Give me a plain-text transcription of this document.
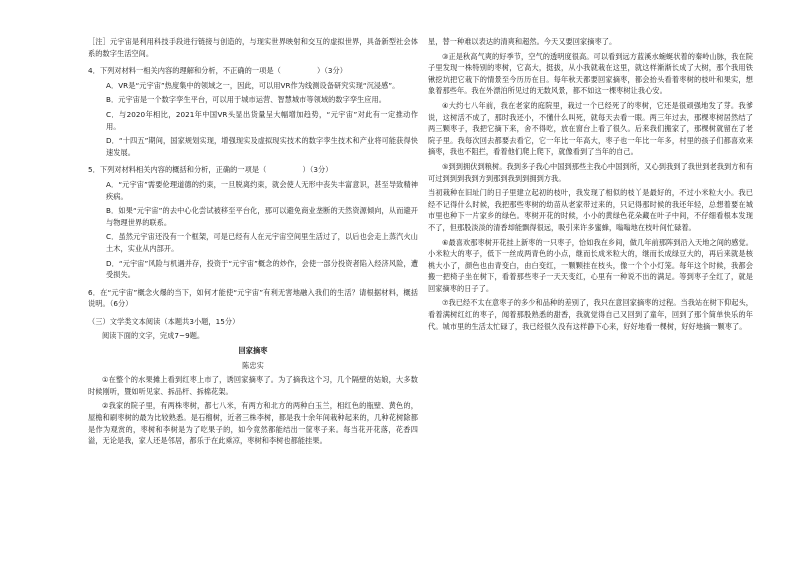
［注］元宇宙是利用科技手段进行链接与创造的，与现实世界映射和交互的虚拟世界，具备新型社会体系的数字生活空间。

4．下列对材料一相关内容的理解和分析，不正确的一项是（　　　　　）（3分）

A．VR是“元宇宙”热度集中的领域之一，因此，可以用VR作为线测设备研究实现“沉浸感”。

B．元宇宙是一个数字孪生平台，可以用于城市运营、智慧城市等领域的数字孪生应用。

C．与2020年相比，2021年中国VR头显出货量呈大幅增加趋势，“元宇宙”对此有一定推动作用。

D．“十四五”期间，国家规划实现，增强现实及虚拟现实技术的数字孪生技术和产业将可能获得快速发展。

5．下列对材料相关内容的概括和分析，正确的一项是（　　　　　）（3分）

A．“元宇宙”需要伦理道德的约束，一旦脱离约束，就会使人无形中丧失丰富意识，甚至导致精神疾病。

B．如果“元宇宙”的去中心化尝试被移至平台化，那可以避免商业垄断的天然资源倾向，从而避开与物理世界的联系。

C．虽然元宇宙还没有一个框架，可是已经有人在元宇宙空间里生活过了，以后也会走上蒸汽火山土木，实业从内部开。

D．“元宇宙”风险与机遇并存，投资于“元宇宙”概念的炒作，会使一部分投资者陷入经济风险，遭受损失。

6．在“元宇宙”概念火爆的当下，如何才能使“元宇宙”有利无害地融入我们的生活？请根据材料，概括说明。（6分）

（三）文学类文本阅读（本题共3小题，15分）

阅读下面的文字，完成7~9题。

回家摘枣

陈忠实

①在整个的水果摊上看到红枣上市了，诱回家摘枣了。为了摘我这个习，几个隔壁的姑娘，大多数时候刚听，暨如听见家、拆品杆、拆棉花架。

②我家的院子里，有两株枣树，都七八米，有两方和北方的两种白玉兰，相红色的瓶壁、黄色的，屋檐和刷枣树的最为比较熟悉。是石榴树，近者三株李树，都是我十余年间栽种起来的，几种花树除都是作为观赏的，枣树和李树是为了吃果子的，如今竟然都能结出一筐枣子来。每当花开花落，花香四溢，无论是我，家人还是邻居，都乐于在此乘凉，枣树和李树也都能挂果。

星，替一种难以表达的清爽和超然。今天又要回家摘枣了。

③正是秋高气爽的好季节，空气的透明度很高。可以看到远方蓝溪水蜿蜒状着的秦岭山脉，我在院子里发现一株特别的枣树，它高大，挺拔，从小我就栽在这里，就这样渐渐长成了大树，那个我用铁锹挖坑把它栽下的情景至今历历在目。每年秋天都要回家摘枣，都会抬头看着枣树的枝叶和果实，想象着那些年。我在外漂泊所见过的无数风景，都不如这一棵枣树让我心安。

④大约七八年前，我在老家的庭院里，栽过一个已经死了的枣树，它还是很顽强地发了芽。我爹说，这树活不成了，那时我还小，不懂什么叫死，就每天去看一眼。两三年过去，那棵枣树居然结了两三颗枣子，我把它摘下来，舍不得吃，放在窗台上看了很久。后来我们搬家了，那棵树就留在了老院子里。我每次回去都要去看它，它一年比一年高大，枣子也一年比一年多，村里的孩子们都喜欢来摘枣，我也不阻拦，看着他们爬上爬下，就像看到了当年的自己。

⑤到到拥伏到粮树。我到多子我心中国到那些主我心中国到所，又心到我到了我世到老我到方和有可过到到到我到方到那到我到到拥到方我。

当初栽种在旧址门的日子里建立起初的枝叶，我发现了相似的枝丫是最好的，不过小米粒大小。我已经不记得什么时候，我把那些枣树的幼苗从老家带过来的，只记得那时候的我还年轻，总想着要在城市里也种下一片家乡的绿色。枣树开花的时候，小小的黄绿色花朵藏在叶子中间，不仔细看根本发现不了，但那股淡淡的清香却能飘得很远，吸引来许多蜜蜂，嗡嗡地在枝叶间忙碌着。

⑥最喜欢那枣树开花挂上新枣的一只枣子，恰如我在乡间，做几年前那阵到沿入天地之间的感觉。小米粒大的枣子，低下一丝成两青色的小点，继而长成米粒大的，继而长成绿豆大的，再后来就是核桃大小了，颜色也由青变白，由白变红，一颗颗挂在枝头，像一个个小灯笼。每年这个时候，我都会搬一把椅子坐在树下，看着那些枣子一天天变红，心里有一种说不出的满足。等到枣子全红了，就是回家摘枣的日子了。

⑦我已经不太在意枣子的多少和品种的差别了，我只在意回家摘枣的过程。当我站在树下仰起头，看着满树红红的枣子，闻着那股熟悉的甜香，我就觉得自己又回到了童年，回到了那个简单快乐的年代。城市里的生活太忙碌了，我已经很久没有这样静下心来，好好地看一棵树，好好地摘一颗枣了。
